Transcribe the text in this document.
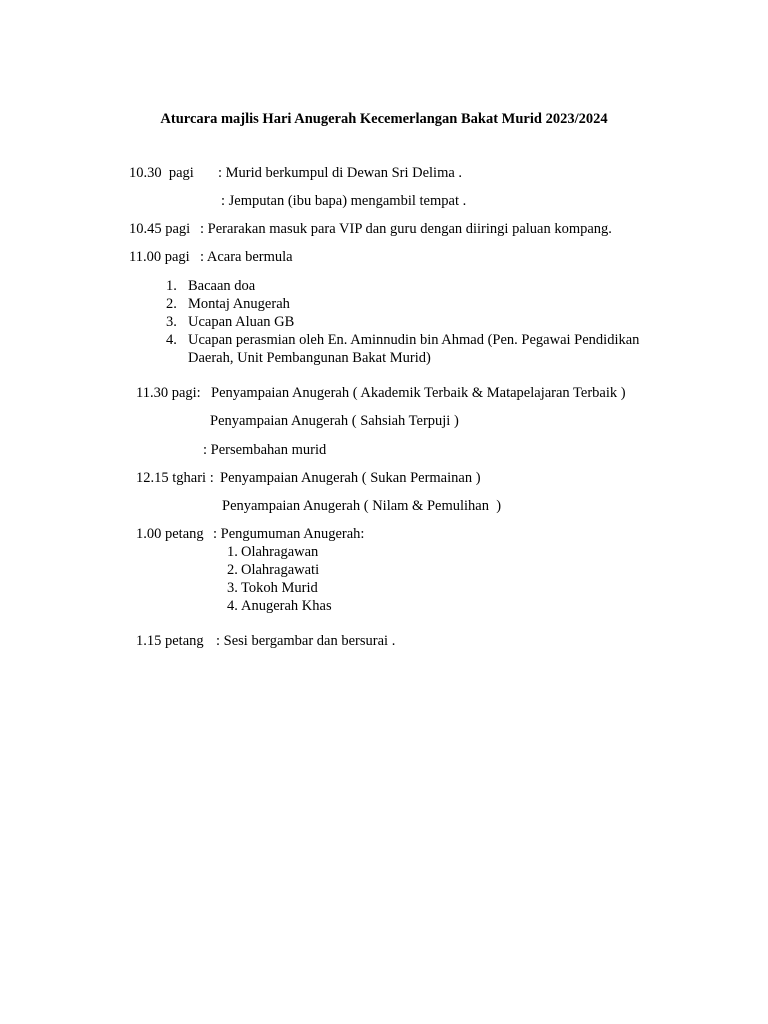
Aturcara majlis Hari Anugerah Kecemerlangan Bakat Murid 2023/2024
10.30  pagi : Murid berkumpul di Dewan Sri Delima .
: Jemputan (ibu bapa) mengambil tempat .
10.45 pagi : Perarakan masuk para VIP dan guru dengan diiringi paluan kompang.
11.00 pagi : Acara bermula
1. Bacaan doa
2. Montaj Anugerah
3. Ucapan Aluan GB
4. Ucapan perasmian oleh En. Aminnudin bin Ahmad (Pen. Pegawai Pendidikan
Daerah, Unit Pembangunan Bakat Murid)
11.30 pagi: Penyampaian Anugerah ( Akademik Terbaik & Matapelajaran Terbaik )
Penyampaian Anugerah ( Sahsiah Terpuji )
: Persembahan murid
12.15 tghari : Penyampaian Anugerah ( Sukan Permainan )
Penyampaian Anugerah ( Nilam & Pemulihan  )
1.00 petang : Pengumuman Anugerah:
1. Olahragawan
2. Olahragawati
3. Tokoh Murid
4. Anugerah Khas
1.15 petang : Sesi bergambar dan bersurai .
